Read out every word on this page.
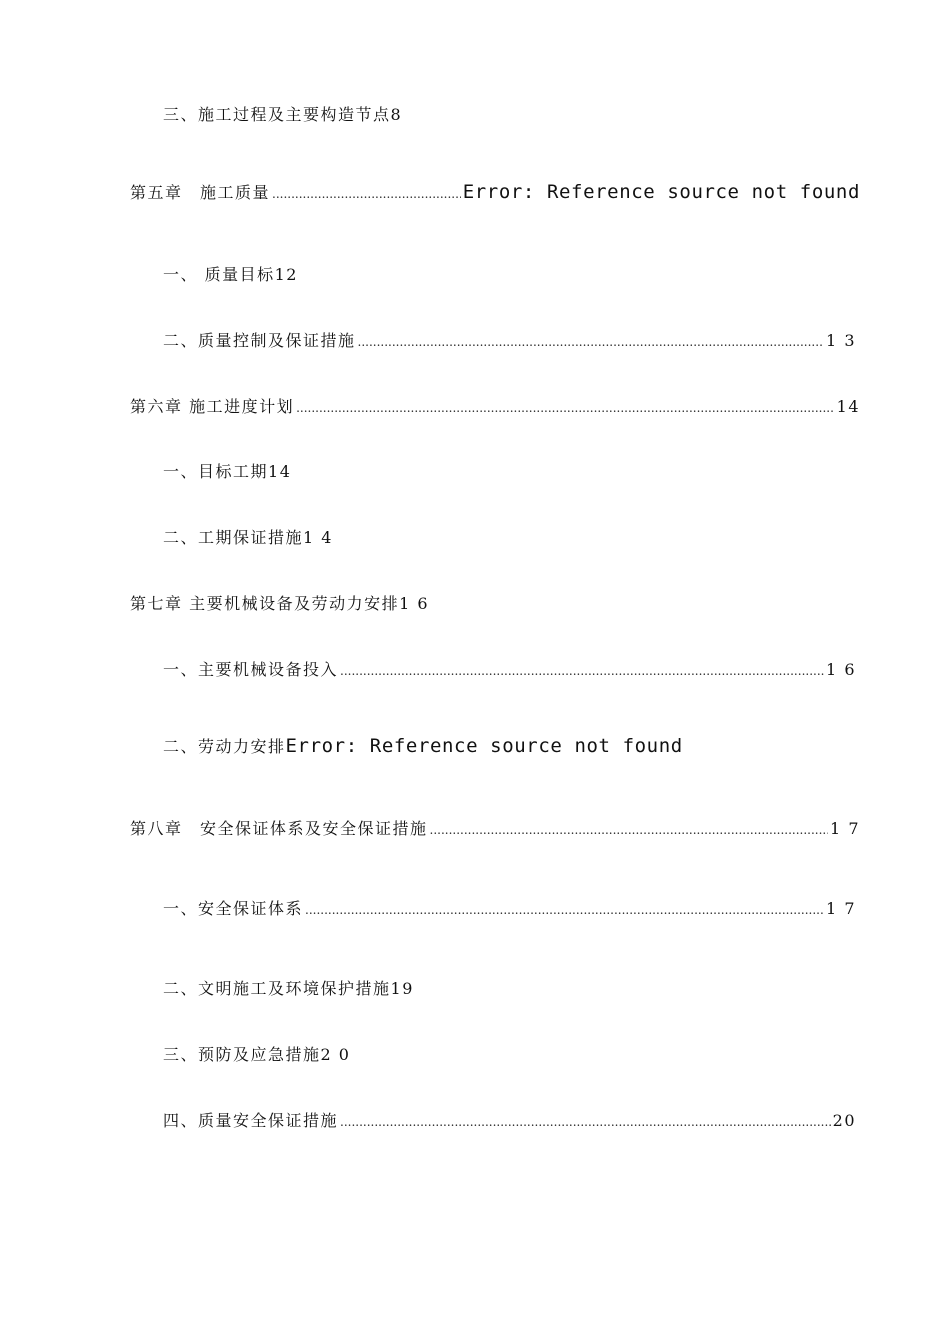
三、施工过程及主要构造节点 8
第五章　施工质量 .....	Error: Reference source not found
一、 质量目标 12
二、质量控制及保证措施 .....	1 3
第六章 施工进度计划 .....	14
一、目标工期 14
二、工期保证措施 1 4
第七章 主要机械设备及劳动力安排 1 6
一、主要机械设备投入 .....	1 6
二、劳动力安排 Error: Reference source not found
第八章　安全保证体系及安全保证措施 .....	1 7
一、安全保证体系 .....	1 7
二、文明施工及环境保护措施 19
三、预防及应急措施 2 0
四、质量安全保证措施 .....	20
